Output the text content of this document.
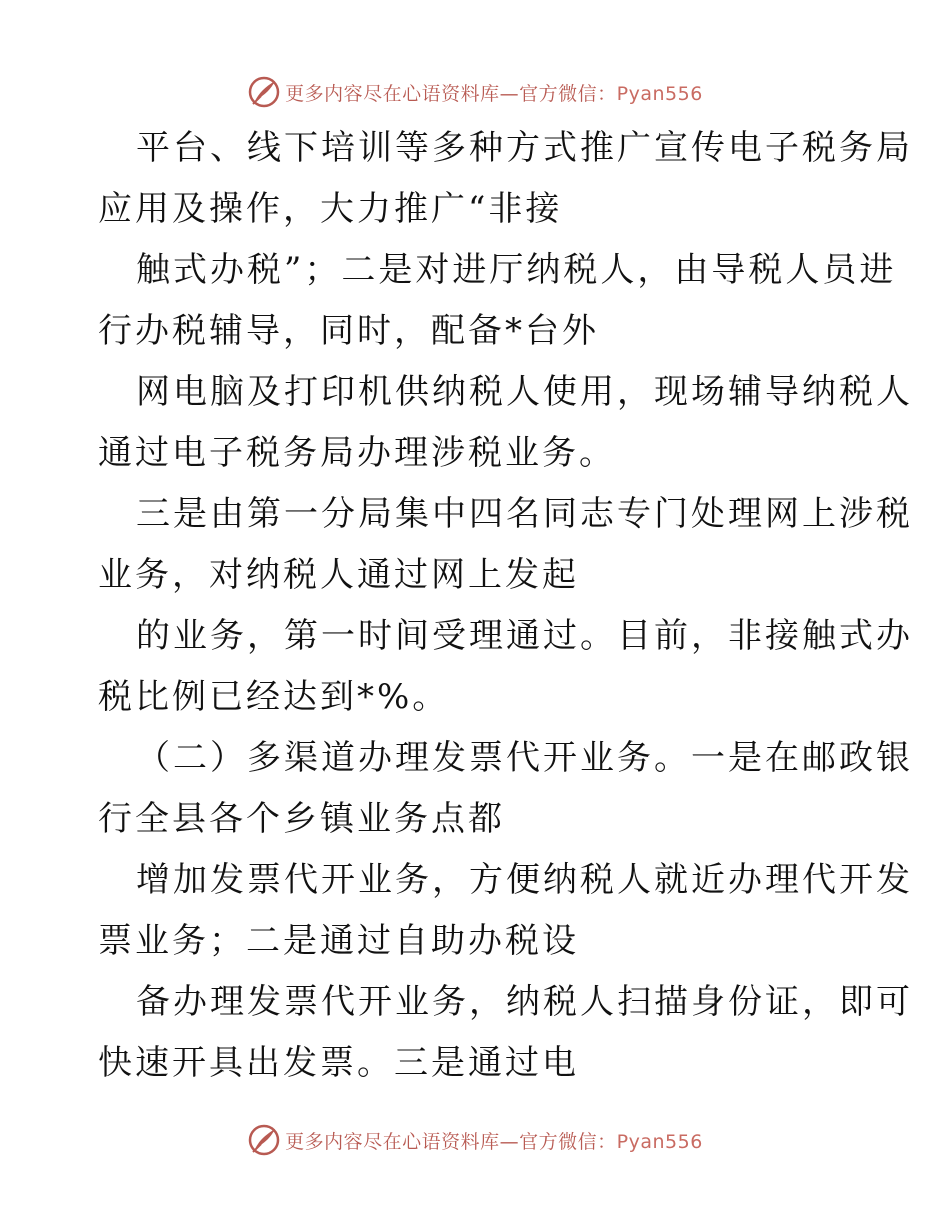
更多内容尽在心语资料库—官方微信：Pyan556
平台、线下培训等多种方式推广宣传电子税务局
应用及操作，大力推广“非接
触式办税”；二是对进厅纳税人，由导税人员进
行办税辅导，同时，配备*台外
网电脑及打印机供纳税人使用，现场辅导纳税人
通过电子税务局办理涉税业务。
三是由第一分局集中四名同志专门处理网上涉税
业务，对纳税人通过网上发起
的业务，第一时间受理通过。目前，非接触式办
税比例已经达到*%。
（二）多渠道办理发票代开业务。一是在邮政银
行全县各个乡镇业务点都
增加发票代开业务，方便纳税人就近办理代开发
票业务；二是通过自助办税设
备办理发票代开业务，纳税人扫描身份证，即可
快速开具出发票。三是通过电
更多内容尽在心语资料库—官方微信：Pyan556
